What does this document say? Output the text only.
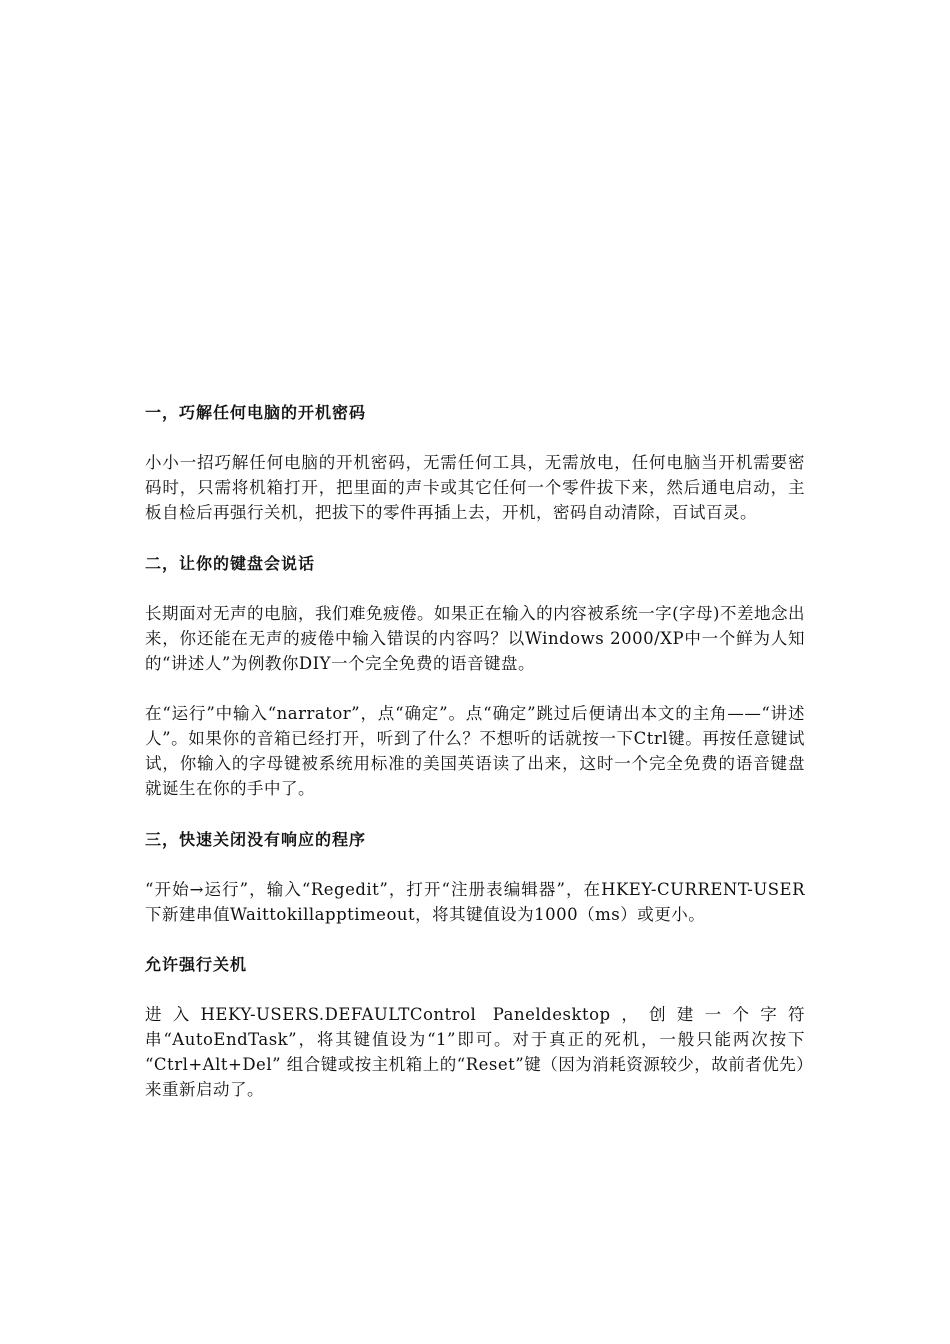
一，巧解任何电脑的开机密码

小小一招巧解任何电脑的开机密码，无需任何工具，无需放电，任何电脑当开机需要密码时，只需将机箱打开，把里面的声卡或其它任何一个零件拔下来，然后通电启动，主板自检后再强行关机，把拔下的零件再插上去，开机，密码自动清除，百试百灵。

二，让你的键盘会说话

长期面对无声的电脑，我们难免疲倦。如果正在输入的内容被系统一字(字母)不差地念出来，你还能在无声的疲倦中输入错误的内容吗？以Windows 2000/XP中一个鲜为人知的“讲述人”为例教你DIY一个完全免费的语音键盘。

在“运行”中输入“narrator”，点“确定”。点“确定”跳过后便请出本文的主角——“讲述人”。如果你的音箱已经打开，听到了什么？不想听的话就按一下Ctrl键。再按任意键试试，你输入的字母键被系统用标准的美国英语读了出来，这时一个完全免费的语音键盘就诞生在你的手中了。

三，快速关闭没有响应的程序

“开始→运行”，输入“Regedit”，打开“注册表编辑器”，在HKEY-CURRENT-USER下新建串值Waittokillapptimeout，将其键值设为1000（ms）或更小。

允许强行关机

进入HEKY-USERS.DEFAULTControl Paneldesktop，创建一个字符串“AutoEndTask”，将其键值设为“1”即可。对于真正的死机，一般只能两次按下 “Ctrl+Alt+Del” 组合键或按主机箱上的“Reset”键（因为消耗资源较少，故前者优先）来重新启动了。
